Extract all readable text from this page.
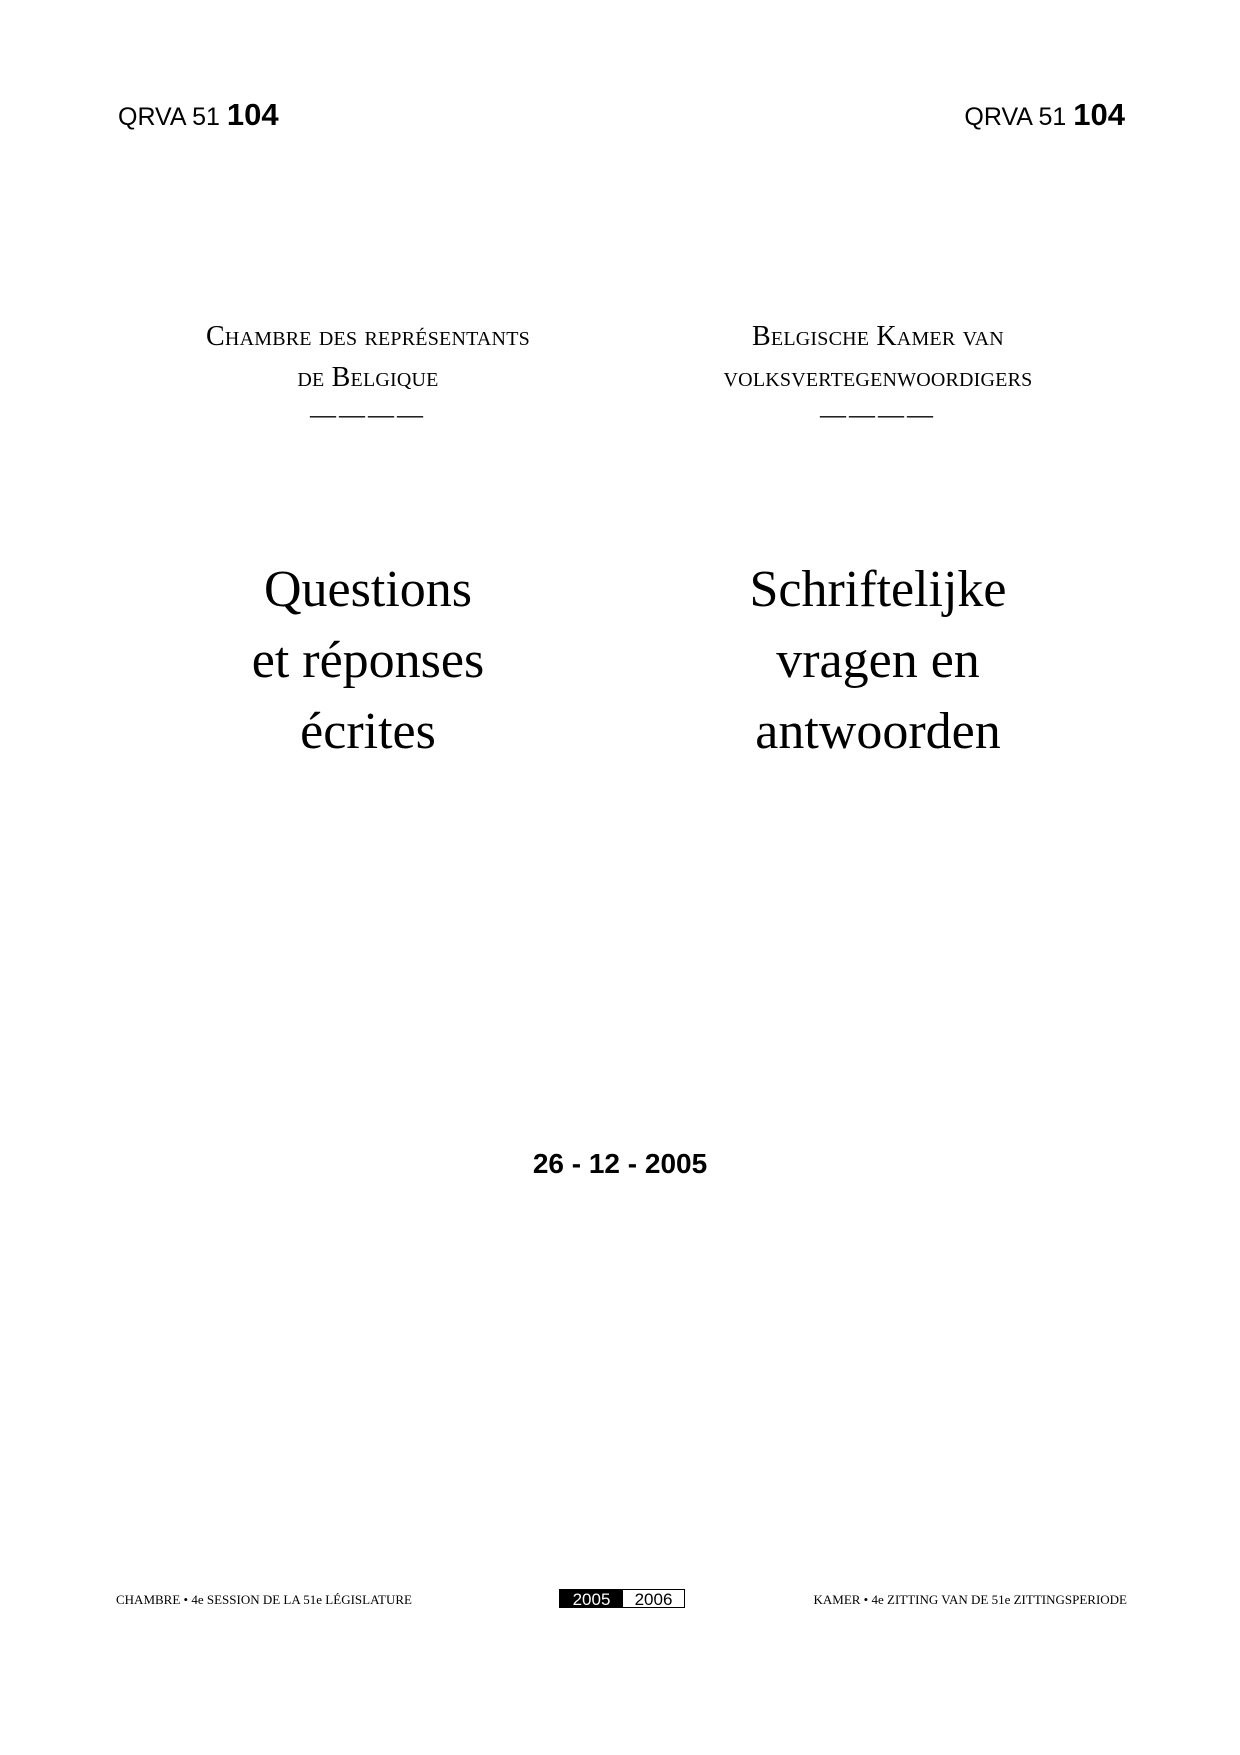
QRVA 51 104	QRVA 51 104
Chambre des représentants
de Belgique
————
Questions
et réponses
écrites
Belgische Kamer van
volksvertegenwoordigers
————
Schriftelijke
vragen en
antwoorden
26 - 12 - 2005
CHAMBRE • 4e SESSION DE LA 51e LÉGISLATURE	2005	2006	KAMER • 4e ZITTING VAN DE 51e ZITTINGSPERIODE
